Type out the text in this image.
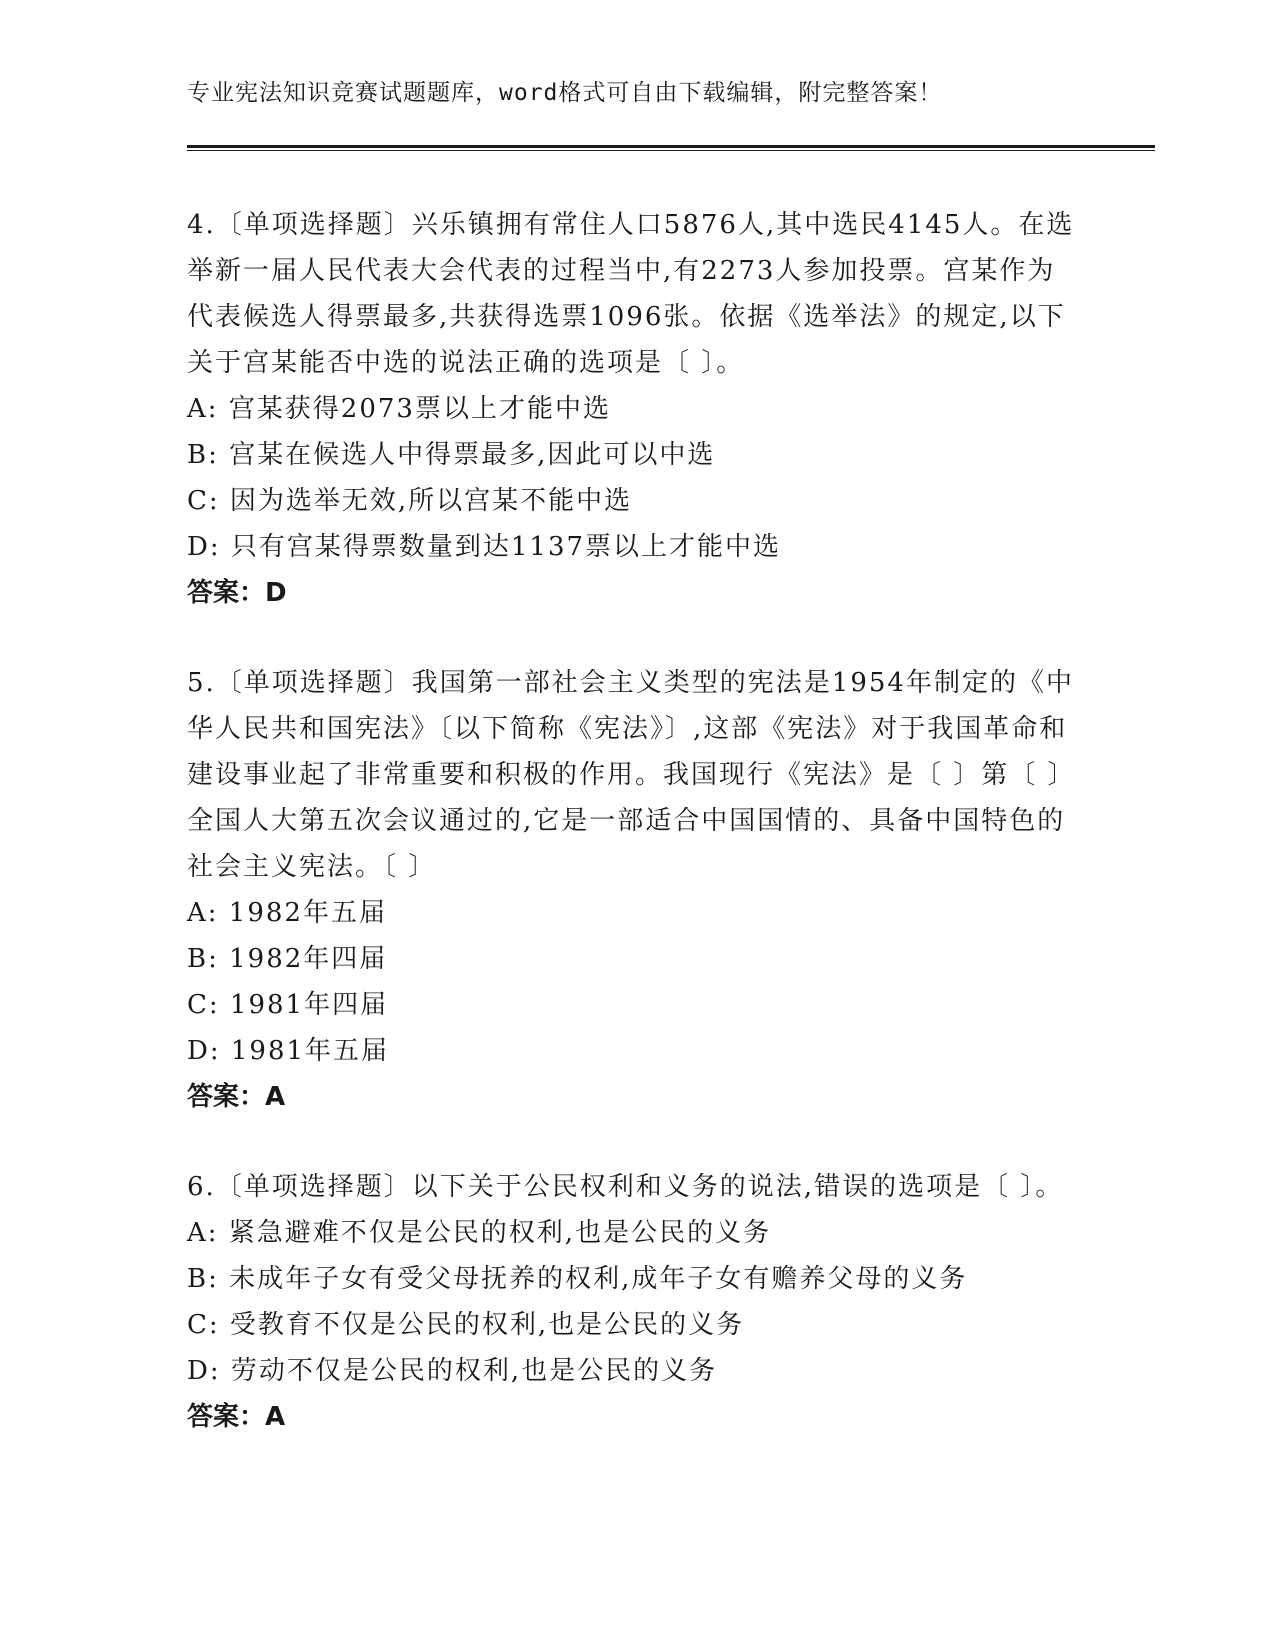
专业宪法知识竞赛试题题库，word格式可自由下载编辑，附完整答案！

4.〔单项选择题〕兴乐镇拥有常住人口5876人,其中选民4145人。在选举新一届人民代表大会代表的过程当中,有2273人参加投票。宫某作为代表候选人得票最多,共获得选票1096张。依据《选举法》的规定,以下关于宫某能否中选的说法正确的选项是〔 〕。

A: 宫某获得2073票以上才能中选

B: 宫某在候选人中得票最多,因此可以中选

C: 因为选举无效,所以宫某不能中选

D: 只有宫某得票数量到达1137票以上才能中选

答案：D

5.〔单项选择题〕我国第一部社会主义类型的宪法是1954年制定的《中华人民共和国宪法》〔以下简称《宪法》〕,这部《宪法》对于我国革命和建设事业起了非常重要和积极的作用。我国现行《宪法》是〔 〕第〔 〕全国人大第五次会议通过的,它是一部适合中国国情的、具备中国特色的社会主义宪法。〔 〕

A: 1982年五届

B: 1982年四届

C: 1981年四届

D: 1981年五届

答案：A

6.〔单项选择题〕以下关于公民权利和义务的说法,错误的选项是〔 〕。

A: 紧急避难不仅是公民的权利,也是公民的义务

B: 未成年子女有受父母抚养的权利,成年子女有赡养父母的义务

C: 受教育不仅是公民的权利,也是公民的义务

D: 劳动不仅是公民的权利,也是公民的义务

答案：A
